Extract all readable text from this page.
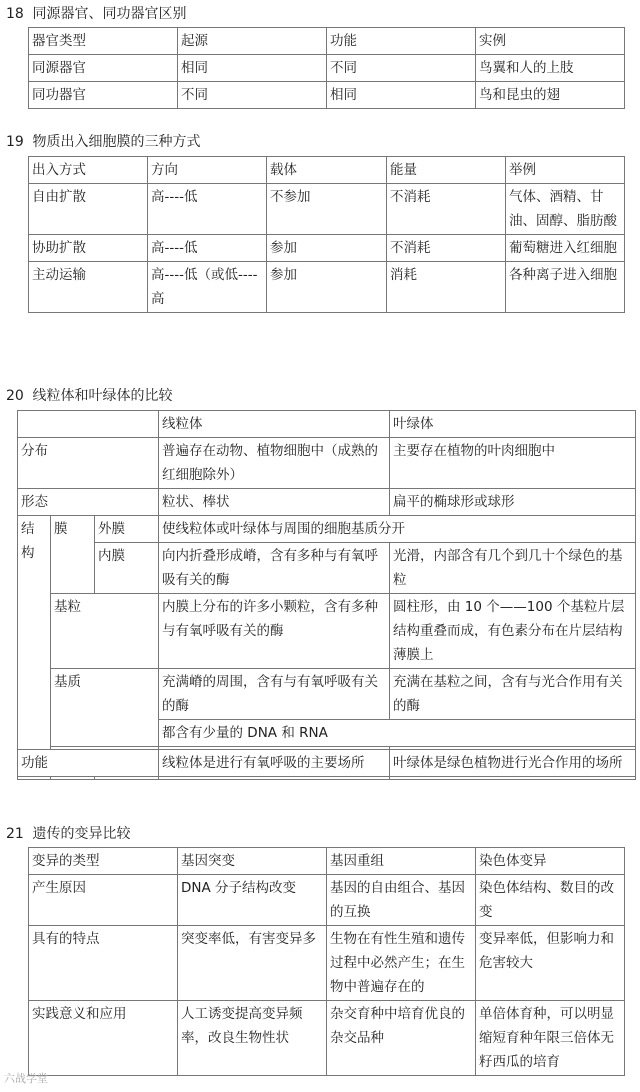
18 同源器官、同功器官区别
器官类型	起源	功能	实例
同源器官	相同	不同	鸟翼和人的上肢
同功器官	不同	相同	鸟和昆虫的翅
19 物质出入细胞膜的三种方式
出入方式	方向	载体	能量	举例
自由扩散	高----低	不参加	不消耗	气体、酒精、甘油、固醇、脂肪酸
协助扩散	高----低	参加	不消耗	葡萄糖进入红细胞
主动运输	高----低（或低----高	参加	消耗	各种离子进入细胞
20 线粒体和叶绿体的比较
			线粒体	叶绿体
分布			普遍存在动物、植物细胞中（成熟的红细胞除外）	主要存在植物的叶肉细胞中
形态			粒状、棒状	扁平的椭球形或球形
结构	膜	外膜	使线粒体或叶绿体与周围的细胞基质分开	
		内膜	向内折叠形成嵴，含有多种与有氧呼吸有关的酶	光滑，内部含有几个到几十个绿色的基粒
	基粒		内膜上分布的许多小颗粒，含有多种与有氧呼吸有关的酶	圆柱形，由 10 个——100 个基粒片层结构重叠而成，有色素分布在片层结构薄膜上
	基质		充满嵴的周围，含有与有氧呼吸有关的酶	充满在基粒之间，含有与光合作用有关的酶
			都含有少量的 DNA 和 RNA	

功能			线粒体是进行有氧呼吸的主要场所	叶绿体是绿色植物进行光合作用的场所

21 遗传的变异比较
变异的类型	基因突变	基因重组	染色体变异
产生原因	DNA 分子结构改变	基因的自由组合、基因的互换	染色体结构、数目的改变
具有的特点	突变率低，有害变异多	生物在有性生殖和遗传过程中必然产生；在生物中普遍存在的	变异率低，但影响力和危害较大
实践意义和应用	人工诱变提高变异频率，改良生物性状	杂交育种中培育优良的杂交品种	单倍体育种，可以明显缩短育种年限三倍体无籽西瓜的培育
六战学堂
